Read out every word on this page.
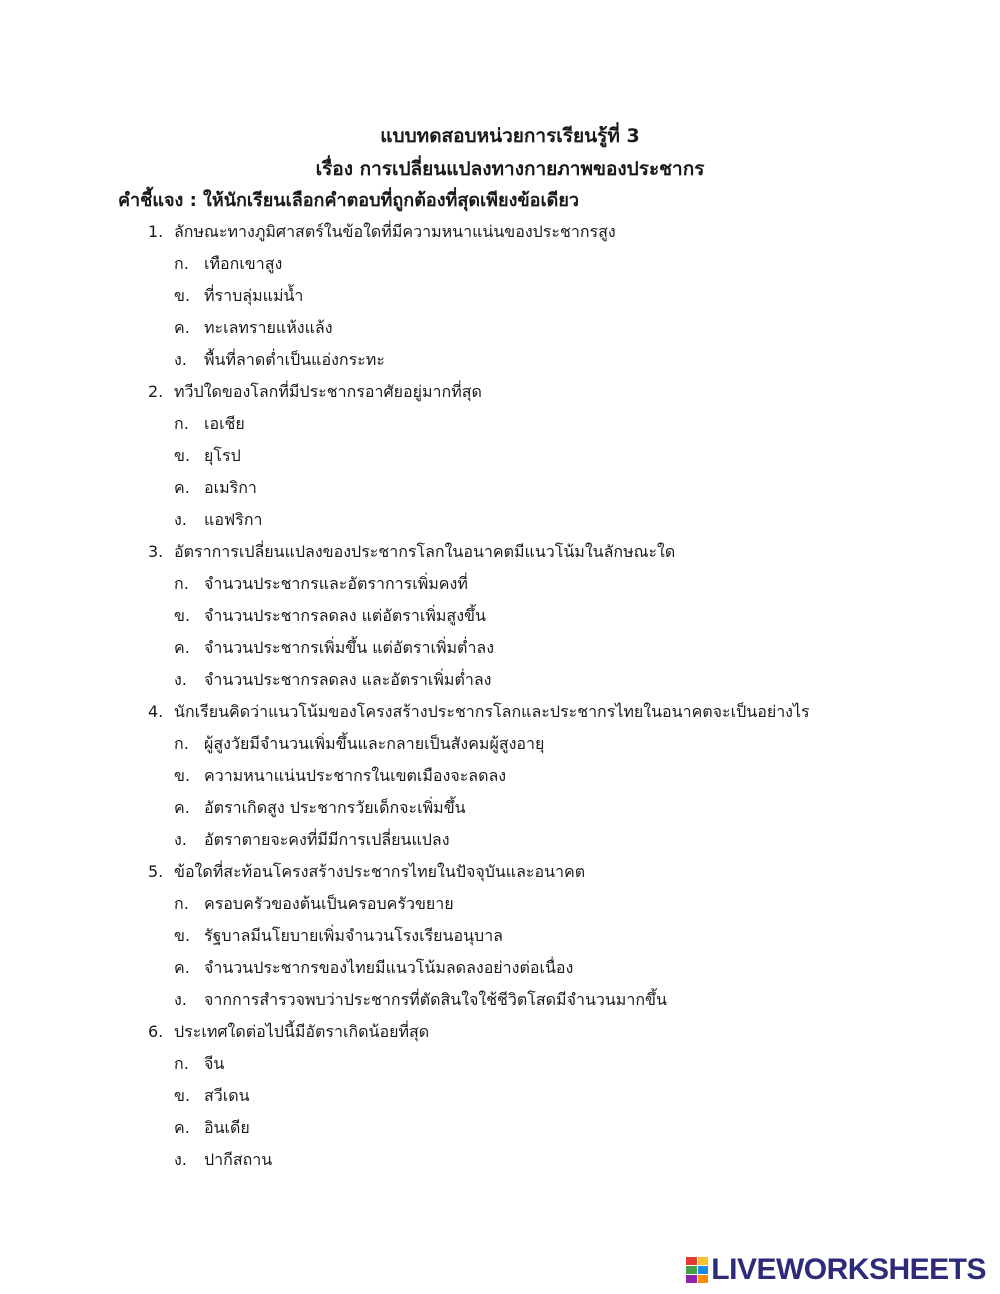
แบบทดสอบหน่วยการเรียนรู้ที่ 3
เรื่อง การเปลี่ยนแปลงทางกายภาพของประชากร
คำชี้แจง : ให้นักเรียนเลือกคำตอบที่ถูกต้องที่สุดเพียงข้อเดียว
1. ลักษณะทางภูมิศาสตร์ในข้อใดที่มีความหนาแน่นของประชากรสูง
ก. เทือกเขาสูง
ข. ที่ราบลุ่มแม่น้ำ
ค. ทะเลทรายแห้งแล้ง
ง.	พื้นที่ลาดต่ำเป็นแอ่งกระทะ
2. ทวีปใดของโลกที่มีประชากรอาศัยอยู่มากที่สุด
ก. เอเชีย
ข. ยุโรป
ค. อเมริกา
ง.	แอฟริกา
3. อัตราการเปลี่ยนแปลงของประชากรโลกในอนาคตมีแนวโน้มในลักษณะใด
ก. จำนวนประชากรและอัตราการเพิ่มคงที่
ข. จำนวนประชากรลดลง แต่อัตราเพิ่มสูงขึ้น
ค. จำนวนประชากรเพิ่มขึ้น แต่อัตราเพิ่มต่ำลง
ง.	จำนวนประชากรลดลง และอัตราเพิ่มต่ำลง
4. นักเรียนคิดว่าแนวโน้มของโครงสร้างประชากรโลกและประชากรไทยในอนาคตจะเป็นอย่างไร
ก. ผู้สูงวัยมีจำนวนเพิ่มขึ้นและกลายเป็นสังคมผู้สูงอายุ
ข. ความหนาแน่นประชากรในเขตเมืองจะลดลง
ค. อัตราเกิดสูง ประชากรวัยเด็กจะเพิ่มขึ้น
ง.	อัตราตายจะคงที่มีมีการเปลี่ยนแปลง
5. ข้อใดที่สะท้อนโครงสร้างประชากรไทยในปัจจุบันและอนาคต
ก. ครอบครัวของต้นเป็นครอบครัวขยาย
ข. รัฐบาลมีนโยบายเพิ่มจำนวนโรงเรียนอนุบาล
ค. จำนวนประชากรของไทยมีแนวโน้มลดลงอย่างต่อเนื่อง
ง.	จากการสำรวจพบว่าประชากรที่ตัดสินใจใช้ชีวิตโสดมีจำนวนมากขึ้น
6. ประเทศใดต่อไปนี้มีอัตราเกิดน้อยที่สุด
ก. จีน
ข. สวีเดน
ค. อินเดีย
ง.	ปากีสถาน
LIVEWORKSHEETS
